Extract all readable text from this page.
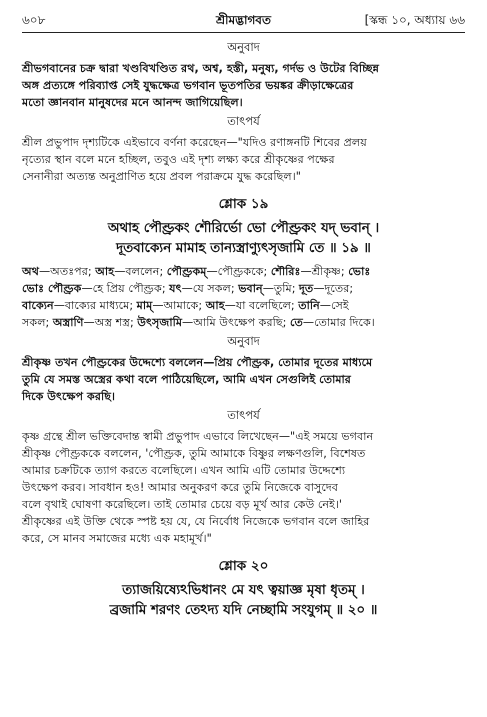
৬০৮	শ্রীমদ্ভাগবত	[স্কন্ধ ১০, অধ্যায় ৬৬
অনুবাদ
শ্রীভগবানের চক্র দ্বারা খণ্ডবিখণ্ডিত রথ, অশ্ব, হস্তী, মনুষ্য, গর্দভ ও উটের বিচ্ছিন্ন
অঙ্গ প্রত্যঙ্গে পরিব্যাপ্ত সেই যুদ্ধক্ষেত্র ভগবান ভূতপতির ভয়ঙ্কর ক্রীড়াক্ষেত্রের
মতো জ্ঞানবান মানুষদের মনে আনন্দ জাগিয়েছিল।
তাৎপর্য
শ্রীল প্রভুপাদ দৃশ্যটিকে এইভাবে বর্ণনা করেছেন—"যদিও রণাঙ্গনটি শিবের প্রলয়
নৃত্যের স্থান বলে মনে হচ্ছিল, তবুও এই দৃশ্য লক্ষ্য করে শ্রীকৃষ্ণের পক্ষের
সেনানীরা অত্যন্ত অনুপ্রাণিত হয়ে প্রবল পরাক্রমে যুদ্ধ করেছিল।"
শ্লোক ১৯
অথাহ পৌণ্ড্রকং শৌরির্ভো ভো পৌণ্ড্রকং যদ্ ভবান্ ।
দূতবাক্যেন মামাহ তান্যস্ত্রাণ্যুৎসৃজামি তে ॥ ১৯ ॥
অথ—অতঃপর; আহ—বললেন; পৌণ্ড্রকম্—পৌণ্ড্রককে; শৌরিঃ—শ্রীকৃষ্ণ; ভোঃ
ভোঃ পৌণ্ড্রক—হে প্রিয় পৌণ্ড্রক; যৎ—যে সকল; ভবান্—তুমি; দূত—দূতের;
বাক্যেন—বাক্যের মাধ্যমে; মাম্—আমাকে; আহ—যা বলেছিলে; তানি—সেই
সকল; অস্ত্রাণি—অস্ত্র শস্ত্র; উৎসৃজামি—আমি উৎক্ষেপ করছি; তে—তোমার দিকে।
অনুবাদ
শ্রীকৃষ্ণ তখন পৌণ্ড্রকের উদ্দেশ্যে বললেন—প্রিয় পৌণ্ড্রক, তোমার দূতের মাধ্যমে
তুমি যে সমস্ত অস্ত্রের কথা বলে পাঠিয়েছিলে, আমি এখন সেগুলিই তোমার
দিকে উৎক্ষেপ করছি।
তাৎপর্য
কৃষ্ণ গ্রন্থে শ্রীল ভক্তিবেদান্ত স্বামী প্রভুপাদ এভাবে লিখেছেন—"এই সময়ে ভগবান
শ্রীকৃষ্ণ পৌণ্ড্রককে বললেন, 'পৌণ্ড্রক, তুমি আমাকে বিষ্ণুর লক্ষণগুলি, বিশেষত
আমার চক্রটিকে ত্যাগ করতে বলেছিলে। এখন আমি এটি তোমার উদ্দেশ্যে
উৎক্ষেপ করব। সাবধান হও! আমার অনুকরণ করে তুমি নিজেকে বাসুদেব
বলে বৃথাই ঘোষণা করেছিলে। তাই তোমার চেয়ে বড় মূর্খ আর কেউ নেই।'
শ্রীকৃষ্ণের এই উক্তি থেকে স্পষ্ট হয় যে, যে নির্বোধ নিজেকে ভগবান বলে জাহির
করে, সে মানব সমাজের মধ্যে এক মহামূর্খ।"
শ্লোক ২০
ত্যাজয়িষ্যেঽভিধানং মে যৎ ত্বয়াজ্ঞ মৃষা ধৃতম্ ।
ব্রজামি শরণং তেঽদ্য যদি নেচ্ছামি সংযুগম্ ॥ ২০ ॥
